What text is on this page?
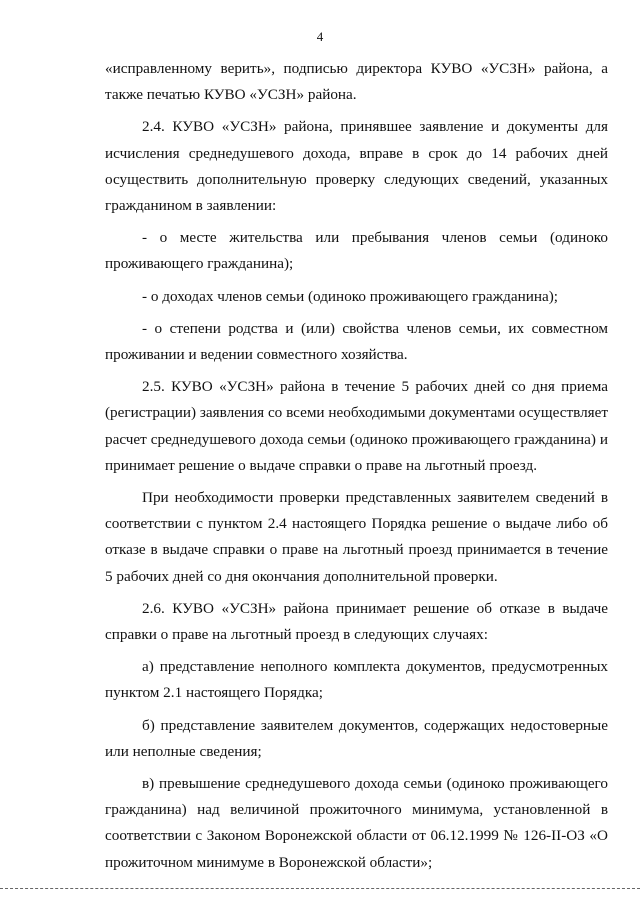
4

«исправленному верить», подписью директора КУВО «УСЗН» района, а также печатью КУВО «УСЗН» района.

2.4. КУВО «УСЗН» района, принявшее заявление и документы для исчисления среднедушевого дохода, вправе в срок до 14 рабочих дней осуществить дополнительную проверку следующих сведений, указанных гражданином в заявлении:

- о месте жительства или пребывания членов семьи (одиноко проживающего гражданина);

- о доходах членов семьи (одиноко проживающего гражданина);

- о степени родства и (или) свойства членов семьи, их совместном проживании и ведении совместного хозяйства.

2.5. КУВО «УСЗН» района в течение 5 рабочих дней со дня приема (регистрации) заявления со всеми необходимыми документами осуществляет расчет среднедушевого дохода семьи (одиноко проживающего гражданина) и принимает решение о выдаче справки о праве на льготный проезд.

При необходимости проверки представленных заявителем сведений в соответствии с пунктом 2.4 настоящего Порядка решение о выдаче либо об отказе в выдаче справки о праве на льготный проезд принимается в течение 5 рабочих дней со дня окончания дополнительной проверки.

2.6. КУВО «УСЗН» района принимает решение об отказе в выдаче справки о праве на льготный проезд в следующих случаях:

а) представление неполного комплекта документов, предусмотренных пунктом 2.1 настоящего Порядка;

б) представление заявителем документов, содержащих недостоверные или неполные сведения;

в) превышение среднедушевого дохода семьи (одиноко проживающего гражданина) над величиной прожиточного минимума, установленной в соответствии с Законом Воронежской области от 06.12.1999 № 126-II-ОЗ «О прожиточном минимуме в Воронежской области»;
